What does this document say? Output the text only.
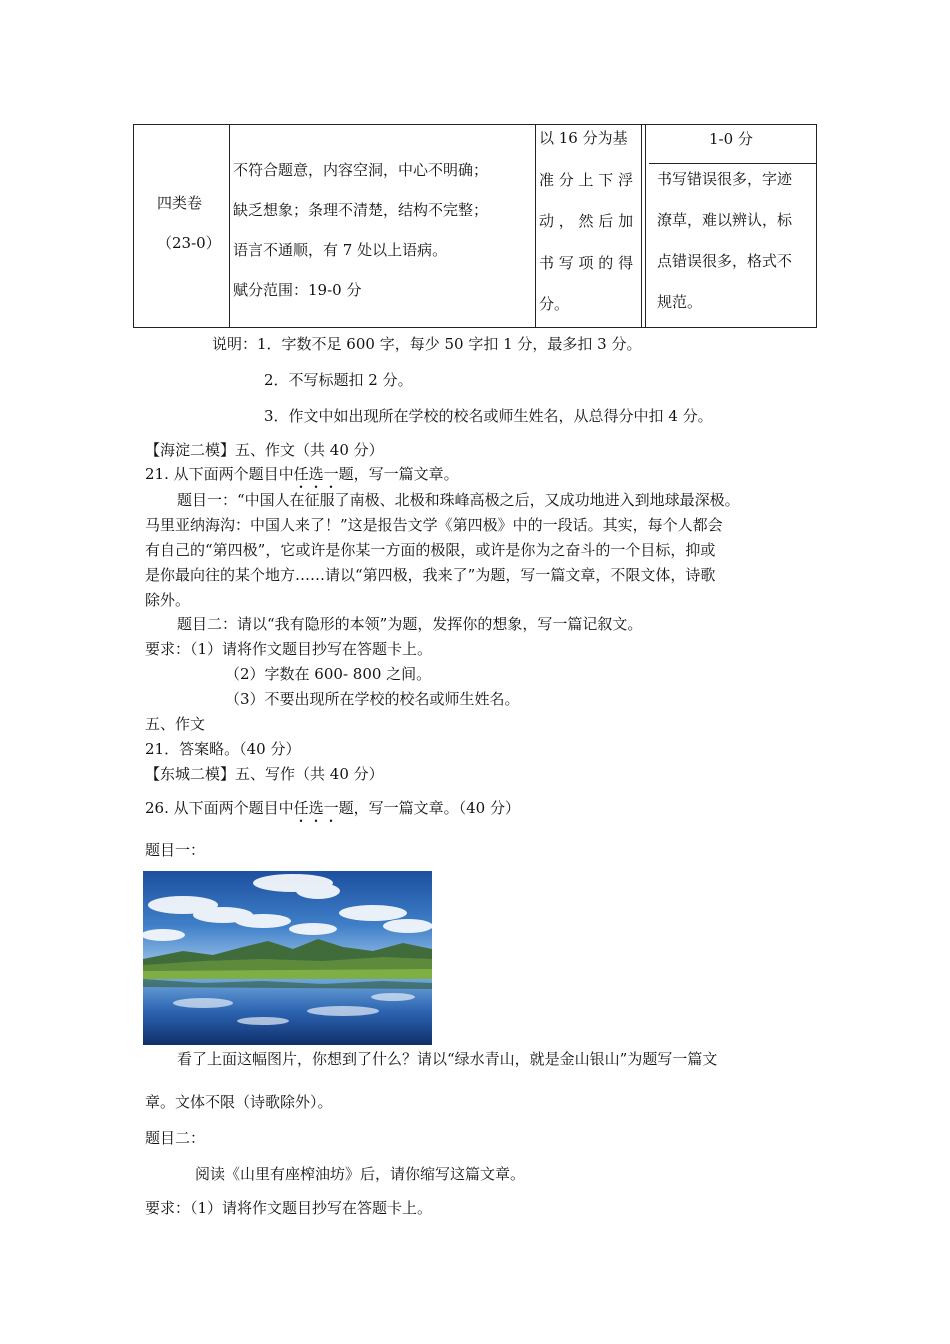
四类卷
（23-0）
不符合题意，内容空洞，中心不明确；
缺乏想象；条理不清楚，结构不完整；
语言不通顺，有 7 处以上语病。
赋分范围：19-0 分
以 16 分为基
准 分 上 下 浮
动 ， 然 后 加
书 写 项 的 得
分。
1-0 分
书写错误很多，字迹
潦草，难以辨认，标
点错误很多，格式不
规范。
说明：1．字数不足 600 字，每少 50 字扣 1 分，最多扣 3 分。
2．不写标题扣 2 分。
3．作文中如出现所在学校的校名或师生姓名，从总得分中扣 4 分。
【海淀二模】五、作文（共 40 分）
21. 从下面两个题目中任选一题，写一篇文章。
题目一：“中国人在征服了南极、北极和珠峰高极之后，又成功地进入到地球最深极。
马里亚纳海沟：中国人来了！”这是报告文学《第四极》中的一段话。其实，每个人都会
有自己的“第四极”，它或许是你某一方面的极限，或许是你为之奋斗的一个目标，抑或
是你最向往的某个地方……请以“第四极，我来了”为题，写一篇文章，不限文体，诗歌
除外。
题目二：请以“我有隐形的本领”为题，发挥你的想象，写一篇记叙文。
要求：（1）请将作文题目抄写在答题卡上。
（2）字数在 600- 800 之间。
（3）不要出现所在学校的校名或师生姓名。
五、作文
21．答案略。（40 分）
【东城二模】五、写作（共 40 分）
26. 从下面两个题目中任选一题，写一篇文章。（40 分）
题目一：
看了上面这幅图片，你想到了什么？请以“绿水青山，就是金山银山”为题写一篇文
章。文体不限（诗歌除外）。
题目二：
阅读《山里有座榨油坊》后，请你缩写这篇文章。
要求：（1）请将作文题目抄写在答题卡上。
